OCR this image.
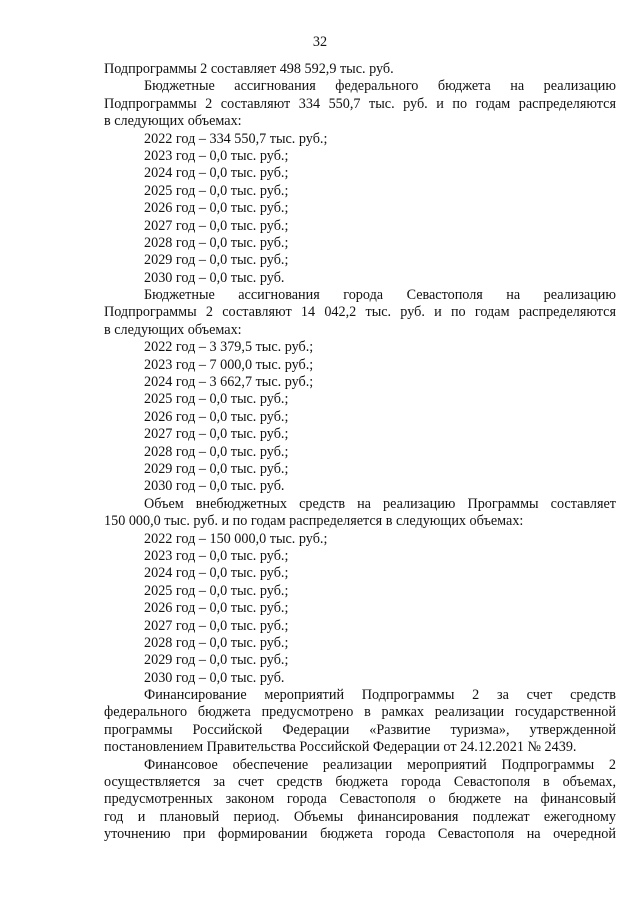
32
Подпрограммы 2 составляет 498 592,9 тыс. руб.
Бюджетные ассигнования федерального бюджета на реализацию
Подпрограммы 2 составляют 334 550,7 тыс. руб. и по годам распределяются
в следующих объемах:
2022 год – 334 550,7 тыс. руб.;
2023 год – 0,0 тыс. руб.;
2024 год – 0,0 тыс. руб.;
2025 год – 0,0 тыс. руб.;
2026 год – 0,0 тыс. руб.;
2027 год – 0,0 тыс. руб.;
2028 год – 0,0 тыс. руб.;
2029 год – 0,0 тыс. руб.;
2030 год – 0,0 тыс. руб.
Бюджетные ассигнования города Севастополя на реализацию
Подпрограммы 2 составляют 14 042,2 тыс. руб. и по годам распределяются
в следующих объемах:
2022 год – 3 379,5 тыс. руб.;
2023 год – 7 000,0 тыс. руб.;
2024 год – 3 662,7 тыс. руб.;
2025 год – 0,0 тыс. руб.;
2026 год – 0,0 тыс. руб.;
2027 год – 0,0 тыс. руб.;
2028 год – 0,0 тыс. руб.;
2029 год – 0,0 тыс. руб.;
2030 год – 0,0 тыс. руб.
Объем внебюджетных средств на реализацию Программы составляет
150 000,0 тыс. руб. и по годам распределяется в следующих объемах:
2022 год – 150 000,0 тыс. руб.;
2023 год – 0,0 тыс. руб.;
2024 год – 0,0 тыс. руб.;
2025 год – 0,0 тыс. руб.;
2026 год – 0,0 тыс. руб.;
2027 год – 0,0 тыс. руб.;
2028 год – 0,0 тыс. руб.;
2029 год – 0,0 тыс. руб.;
2030 год – 0,0 тыс. руб.
Финансирование мероприятий Подпрограммы 2 за счет средств
федерального бюджета предусмотрено в рамках реализации государственной
программы Российской Федерации «Развитие туризма», утвержденной
постановлением Правительства Российской Федерации от 24.12.2021 № 2439.
Финансовое обеспечение реализации мероприятий Подпрограммы 2
осуществляется за счет средств бюджета города Севастополя в объемах,
предусмотренных законом города Севастополя о бюджете на финансовый
год и плановый период. Объемы финансирования подлежат ежегодному
уточнению при формировании бюджета города Севастополя на очередной
